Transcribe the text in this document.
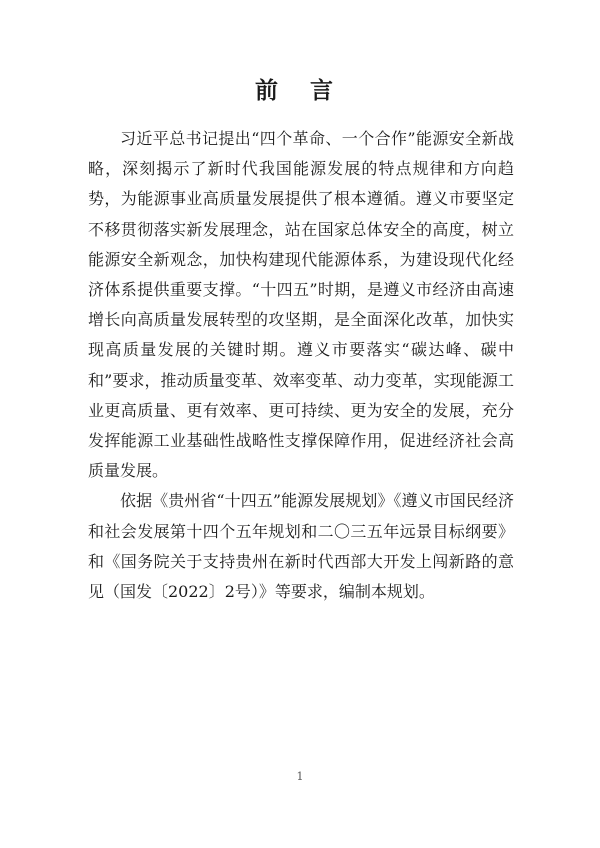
前 言

习近平总书记提出“四个革命、一个合作”能源安全新战略，深刻揭示了新时代我国能源发展的特点规律和方向趋势，为能源事业高质量发展提供了根本遵循。遵义市要坚定不移贯彻落实新发展理念，站在国家总体安全的高度，树立能源安全新观念，加快构建现代能源体系，为建设现代化经济体系提供重要支撑。“十四五”时期，是遵义市经济由高速增长向高质量发展转型的攻坚期，是全面深化改革，加快实现高质量发展的关键时期。遵义市要落实“碳达峰、碳中和”要求，推动质量变革、效率变革、动力变革，实现能源工业更高质量、更有效率、更可持续、更为安全的发展，充分发挥能源工业基础性战略性支撑保障作用，促进经济社会高质量发展。

依据《贵州省“十四五”能源发展规划》《遵义市国民经济和社会发展第十四个五年规划和二〇三五年远景目标纲要》和《国务院关于支持贵州在新时代西部大开发上闯新路的意见（国发〔2022〕2号）》等要求，编制本规划。

1
